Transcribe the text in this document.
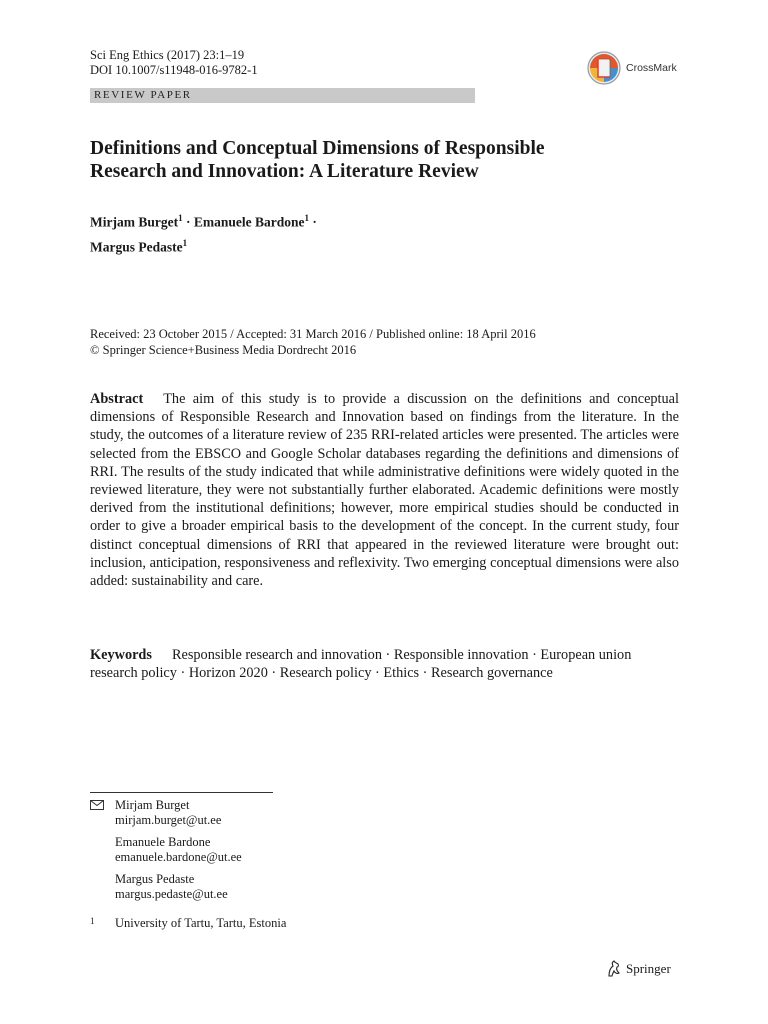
Sci Eng Ethics (2017) 23:1–19
DOI 10.1007/s11948-016-9782-1	CrossMark
REVIEW PAPER
Definitions and Conceptual Dimensions of Responsible
Research and Innovation: A Literature Review
Mirjam Burget$^1$ · Emanuele Bardone$^1$ ·
Margus Pedaste$^1$
Received: 23 October 2015 / Accepted: 31 March 2016 / Published online: 18 April 2016
© Springer Science+Business Media Dordrecht 2016

Abstract The aim of this study is to provide a discussion on the definitions and conceptual dimensions of Responsible Research and Innovation based on findings from the literature. In the study, the outcomes of a literature review of 235 RRI-related articles were presented. The articles were selected from the EBSCO and Google Scholar databases regarding the definitions and dimensions of RRI. The results of the study indicated that while administrative definitions were widely quoted in the reviewed literature, they were not substantially further elaborated. Academic definitions were mostly derived from the institutional definitions; however, more empirical studies should be conducted in order to give a broader empirical basis to the development of the concept. In the current study, four distinct conceptual dimensions of RRI that appeared in the reviewed literature were brought out: inclusion, anticipation, responsiveness and reflexivity. Two emerging conceptual dimensions were also added: sustainability and care.

Keywords Responsible research and innovation · Responsible innovation · European union research policy · Horizon 2020 · Research policy · Ethics · Research governance

Mirjam Burget
mirjam.burget@ut.ee
Emanuele Bardone
emanuele.bardone@ut.ee
Margus Pedaste
margus.pedaste@ut.ee
1 University of Tartu, Tartu, Estonia
Springer
